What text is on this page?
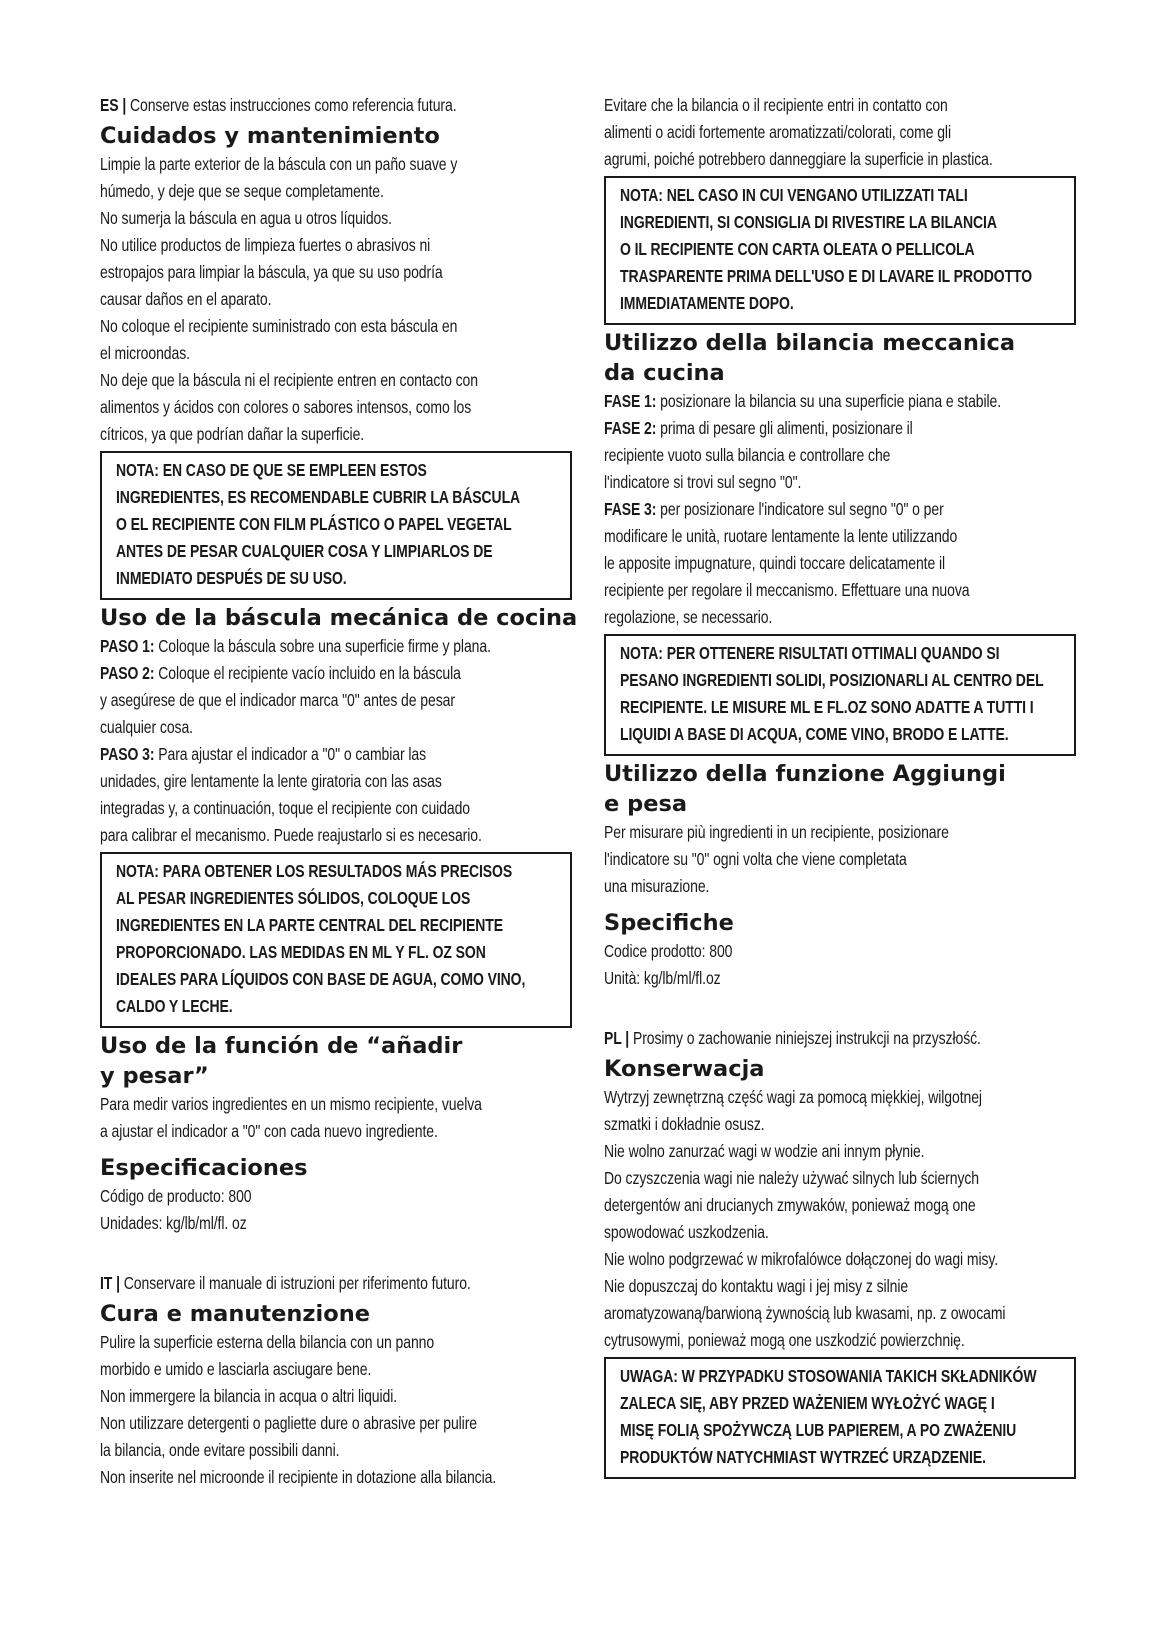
ES | Conserve estas instrucciones como referencia futura.
Cuidados y mantenimiento
Limpie la parte exterior de la báscula con un paño suave y
húmedo, y deje que se seque completamente.
No sumerja la báscula en agua u otros líquidos.
No utilice productos de limpieza fuertes o abrasivos ni
estropajos para limpiar la báscula, ya que su uso podría
causar daños en el aparato.
No coloque el recipiente suministrado con esta báscula en
el microondas.
No deje que la báscula ni el recipiente entren en contacto con
alimentos y ácidos con colores o sabores intensos, como los
cítricos, ya que podrían dañar la superficie.
NOTA: EN CASO DE QUE SE EMPLEEN ESTOS
INGREDIENTES, ES RECOMENDABLE CUBRIR LA BÁSCULA
O EL RECIPIENTE CON FILM PLÁSTICO O PAPEL VEGETAL
ANTES DE PESAR CUALQUIER COSA Y LIMPIARLOS DE
INMEDIATO DESPUÉS DE SU USO.
Uso de la báscula mecánica de cocina
PASO 1: Coloque la báscula sobre una superficie firme y plana.
PASO 2: Coloque el recipiente vacío incluido en la báscula
y asegúrese de que el indicador marca "0" antes de pesar
cualquier cosa.
PASO 3: Para ajustar el indicador a "0" o cambiar las
unidades, gire lentamente la lente giratoria con las asas
integradas y, a continuación, toque el recipiente con cuidado
para calibrar el mecanismo. Puede reajustarlo si es necesario.
NOTA: PARA OBTENER LOS RESULTADOS MÁS PRECISOS
AL PESAR INGREDIENTES SÓLIDOS, COLOQUE LOS
INGREDIENTES EN LA PARTE CENTRAL DEL RECIPIENTE
PROPORCIONADO. LAS MEDIDAS EN ML Y FL. OZ SON
IDEALES PARA LÍQUIDOS CON BASE DE AGUA, COMO VINO,
CALDO Y LECHE.
Uso de la función de “añadir
y pesar”
Para medir varios ingredientes en un mismo recipiente, vuelva
a ajustar el indicador a "0" con cada nuevo ingrediente.
Especificaciones
Código de producto: 800
Unidades: kg/lb/ml/fl. oz
IT | Conservare il manuale di istruzioni per riferimento futuro.
Cura e manutenzione
Pulire la superficie esterna della bilancia con un panno
morbido e umido e lasciarla asciugare bene.
Non immergere la bilancia in acqua o altri liquidi.
Non utilizzare detergenti o pagliette dure o abrasive per pulire
la bilancia, onde evitare possibili danni.
Non inserite nel microonde il recipiente in dotazione alla bilancia.
Evitare che la bilancia o il recipiente entri in contatto con
alimenti o acidi fortemente aromatizzati/colorati, come gli
agrumi, poiché potrebbero danneggiare la superficie in plastica.
NOTA: NEL CASO IN CUI VENGANO UTILIZZATI TALI
INGREDIENTI, SI CONSIGLIA DI RIVESTIRE LA BILANCIA
O IL RECIPIENTE CON CARTA OLEATA O PELLICOLA
TRASPARENTE PRIMA DELL'USO E DI LAVARE IL PRODOTTO
IMMEDIATAMENTE DOPO.
Utilizzo della bilancia meccanica
da cucina
FASE 1: posizionare la bilancia su una superficie piana e stabile.
FASE 2: prima di pesare gli alimenti, posizionare il
recipiente vuoto sulla bilancia e controllare che
l'indicatore si trovi sul segno "0".
FASE 3: per posizionare l'indicatore sul segno "0" o per
modificare le unità, ruotare lentamente la lente utilizzando
le apposite impugnature, quindi toccare delicatamente il
recipiente per regolare il meccanismo. Effettuare una nuova
regolazione, se necessario.
NOTA: PER OTTENERE RISULTATI OTTIMALI QUANDO SI
PESANO INGREDIENTI SOLIDI, POSIZIONARLI AL CENTRO DEL
RECIPIENTE. LE MISURE ML E FL.OZ SONO ADATTE A TUTTI I
LIQUIDI A BASE DI ACQUA, COME VINO, BRODO E LATTE.
Utilizzo della funzione Aggiungi
e pesa
Per misurare più ingredienti in un recipiente, posizionare
l'indicatore su "0" ogni volta che viene completata
una misurazione.
Specifiche
Codice prodotto: 800
Unità: kg/lb/ml/fl.oz
PL | Prosimy o zachowanie niniejszej instrukcji na przyszłość.
Konserwacja
Wytrzyj zewnętrzną część wagi za pomocą miękkiej, wilgotnej
szmatki i dokładnie osusz.
Nie wolno zanurzać wagi w wodzie ani innym płynie.
Do czyszczenia wagi nie należy używać silnych lub ściernych
detergentów ani drucianych zmywaków, ponieważ mogą one
spowodować uszkodzenia.
Nie wolno podgrzewać w mikrofalówce dołączonej do wagi misy.
Nie dopuszczaj do kontaktu wagi i jej misy z silnie
aromatyzowaną/barwioną żywnością lub kwasami, np. z owocami
cytrusowymi, ponieważ mogą one uszkodzić powierzchnię.
UWAGA: W PRZYPADKU STOSOWANIA TAKICH SKŁADNIKÓW
ZALECA SIĘ, ABY PRZED WAŻENIEM WYŁOŻYĆ WAGĘ I
MISĘ FOLIĄ SPOŻYWCZĄ LUB PAPIEREM, A PO ZWAŻENIU
PRODUKTÓW NATYCHMIAST WYTRZEĆ URZĄDZENIE.
